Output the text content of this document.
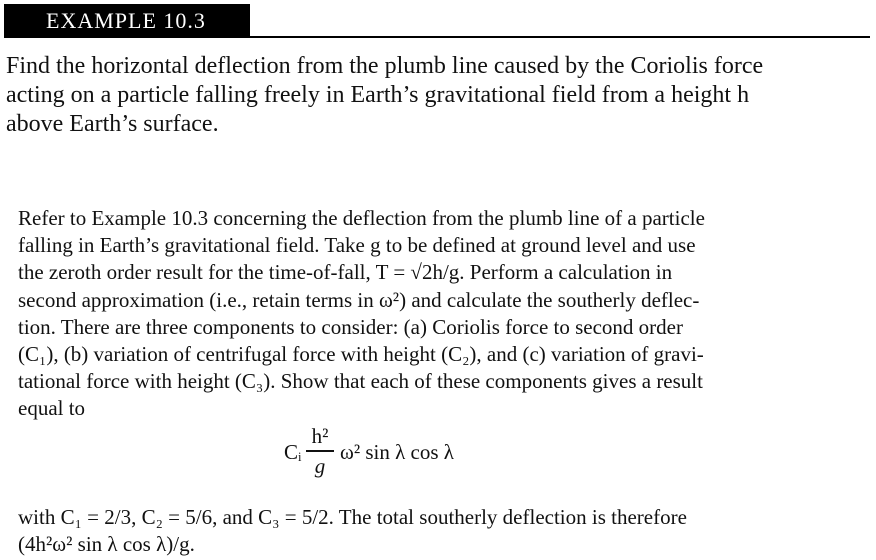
EXAMPLE 10.3
Find the horizontal deflection from the plumb line caused by the Coriolis force
acting on a particle falling freely in Earth’s gravitational field from a height h
above Earth’s surface.
Refer to Example 10.3 concerning the deflection from the plumb line of a particle
falling in Earth’s gravitational field. Take g to be defined at ground level and use
the zeroth order result for the time-of-fall, T = √2h/g. Perform a calculation in
second approximation (i.e., retain terms in ω²) and calculate the southerly deflec-
tion. There are three components to consider: (a) Coriolis force to second order
(C₁), (b) variation of centrifugal force with height (C₂), and (c) variation of gravi-
tational force with height (C₃). Show that each of these components gives a result
equal to
Cᵢ
h²
g
ω² sin λ cos λ
with C₁ = 2/3, C₂ = 5/6, and C₃ = 5/2. The total southerly deflection is therefore
(4h²ω² sin λ cos λ)/g.
